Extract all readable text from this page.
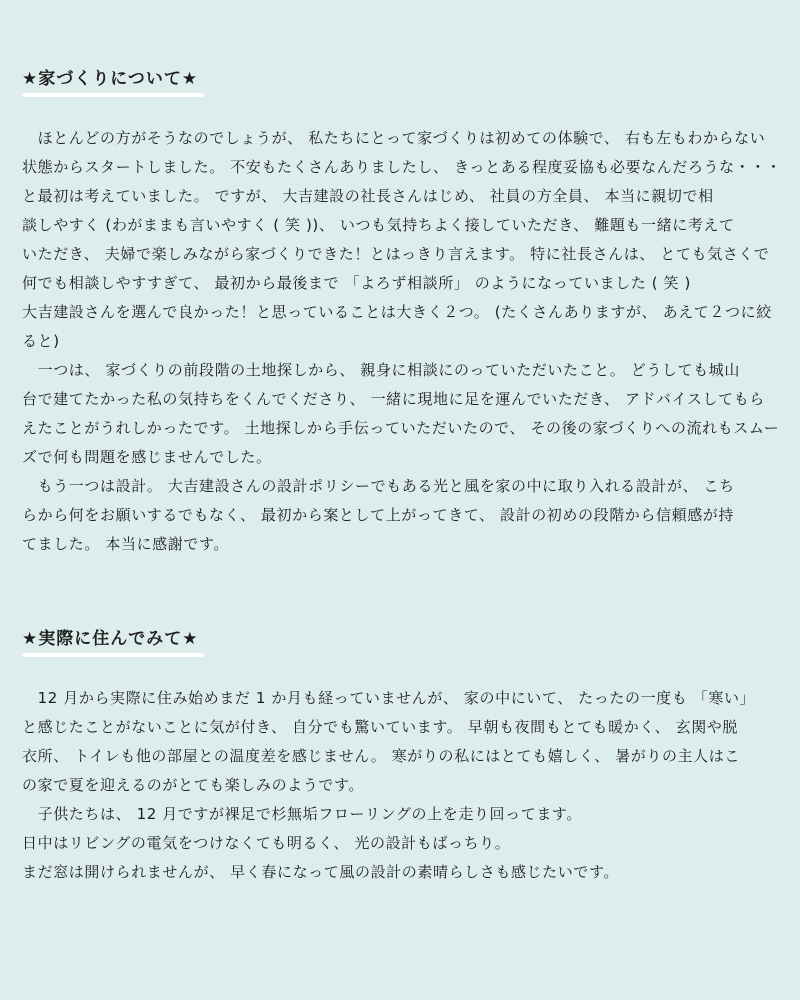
★家づくりについて★
　ほとんどの方がそうなのでしょうが、 私たちにとって家づくりは初めての体験で、 右も左もわからない
状態からスタートしました。 不安もたくさんありましたし、 きっとある程度妥協も必要なんだろうな・・・
と最初は考えていました。 ですが、 大吉建設の社長さんはじめ、 社員の方全員、 本当に親切で相
談しやすく (わがままも言いやすく ( 笑 ))、 いつも気持ちよく接していただき、 難題も一緒に考えて
いただき、 夫婦で楽しみながら家づくりできた！とはっきり言えます。 特に社長さんは、 とても気さくで
何でも相談しやすすぎて、 最初から最後まで 「よろず相談所」 のようになっていました ( 笑 )
大吉建設さんを選んで良かった！と思っていることは大きく２つ。 (たくさんありますが、 あえて２つに絞
ると)
　一つは、 家づくりの前段階の土地探しから、 親身に相談にのっていただいたこと。 どうしても城山
台で建てたかった私の気持ちをくんでくださり、 一緒に現地に足を運んでいただき、 アドバイスしてもら
えたことがうれしかったです。 土地探しから手伝っていただいたので、 その後の家づくりへの流れもスムー
ズで何も問題を感じませんでした。
　もう一つは設計。 大吉建設さんの設計ポリシーでもある光と風を家の中に取り入れる設計が、 こち
らから何をお願いするでもなく、 最初から案として上がってきて、 設計の初めの段階から信頼感が持
てました。 本当に感謝です。
★実際に住んでみて★
　12 月から実際に住み始めまだ 1 か月も経っていませんが、 家の中にいて、 たったの一度も 「寒い」
と感じたことがないことに気が付き、 自分でも驚いています。 早朝も夜間もとても暖かく、 玄関や脱
衣所、 トイレも他の部屋との温度差を感じません。 寒がりの私にはとても嬉しく、 暑がりの主人はこ
の家で夏を迎えるのがとても楽しみのようです。
　子供たちは、 12 月ですが裸足で杉無垢フローリングの上を走り回ってます。
日中はリビングの電気をつけなくても明るく、 光の設計もばっちり。
まだ窓は開けられませんが、 早く春になって風の設計の素晴らしさも感じたいです。
